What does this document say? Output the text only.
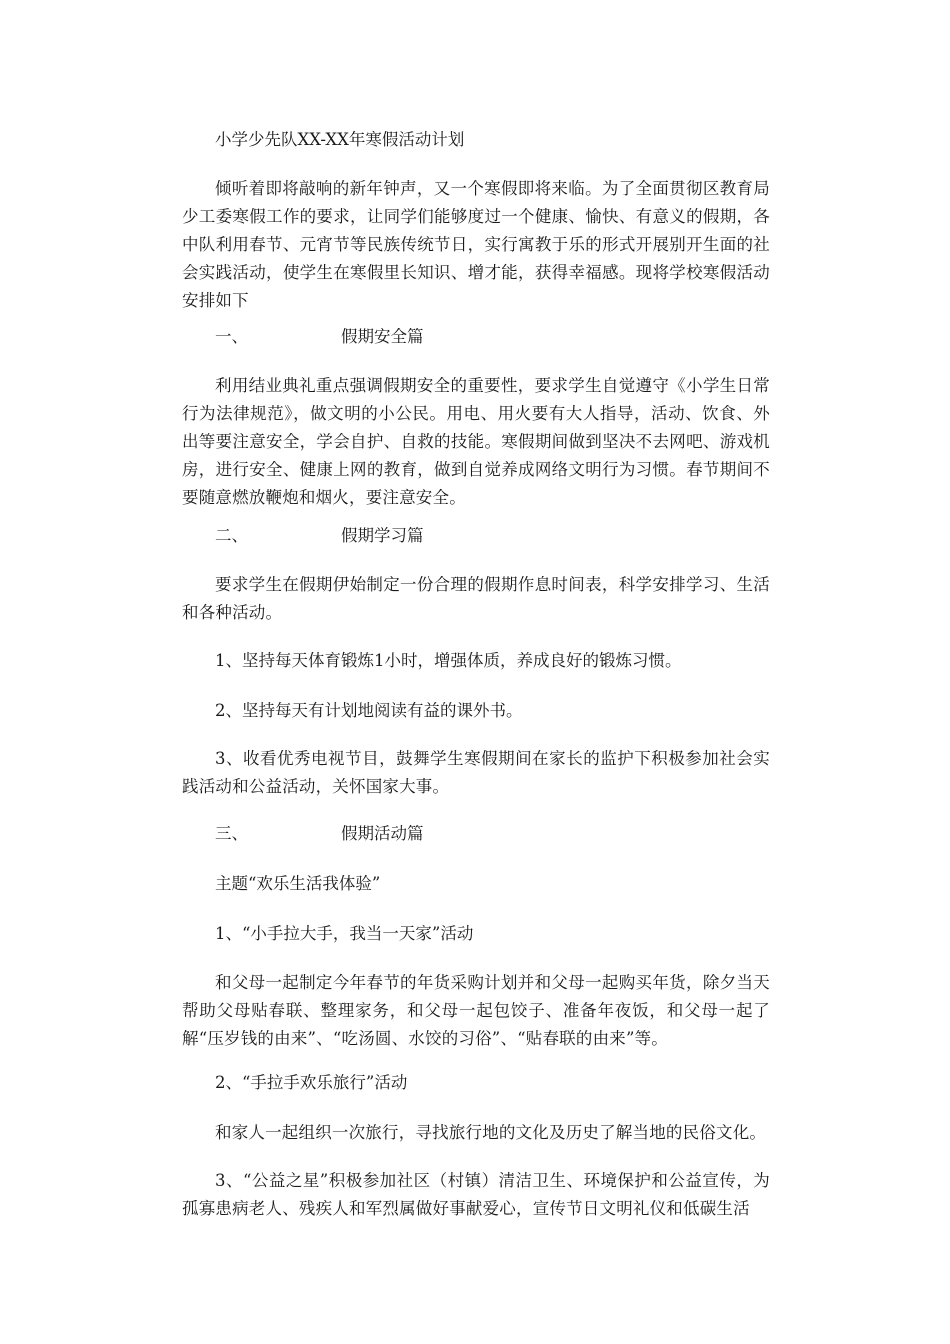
小学少先队XX-XX年寒假活动计划

倾听着即将敲响的新年钟声，又一个寒假即将来临。为了全面贯彻区教育局少工委寒假工作的要求，让同学们能够度过一个健康、愉快、有意义的假期，各中队利用春节、元宵节等民族传统节日，实行寓教于乐的形式开展别开生面的社会实践活动，使学生在寒假里长知识、增才能，获得幸福感。现将学校寒假活动安排如下

一、	假期安全篇

利用结业典礼重点强调假期安全的重要性，要求学生自觉遵守《小学生日常行为法律规范》，做文明的小公民。用电、用火要有大人指导，活动、饮食、外出等要注意安全，学会自护、自救的技能。寒假期间做到坚决不去网吧、游戏机房，进行安全、健康上网的教育，做到自觉养成网络文明行为习惯。春节期间不要随意燃放鞭炮和烟火，要注意安全。

二、	假期学习篇

要求学生在假期伊始制定一份合理的假期作息时间表，科学安排学习、生活和各种活动。

1、坚持每天体育锻炼1小时，增强体质，养成良好的锻炼习惯。

2、坚持每天有计划地阅读有益的课外书。

3、收看优秀电视节目，鼓舞学生寒假期间在家长的监护下积极参加社会实践活动和公益活动，关怀国家大事。

三、	假期活动篇

主题“欢乐生活我体验”

1、“小手拉大手，我当一天家”活动

和父母一起制定今年春节的年货采购计划并和父母一起购买年货，除夕当天帮助父母贴春联、整理家务，和父母一起包饺子、准备年夜饭，和父母一起了解“压岁钱的由来”、“吃汤圆、水饺的习俗”、“贴春联的由来”等。

2、“手拉手欢乐旅行”活动

和家人一起组织一次旅行，寻找旅行地的文化及历史了解当地的民俗文化。

3、“公益之星”积极参加社区（村镇）清洁卫生、环境保护和公益宣传，为孤寡患病老人、残疾人和军烈属做好事献爱心，宣传节日文明礼仪和低碳生活
